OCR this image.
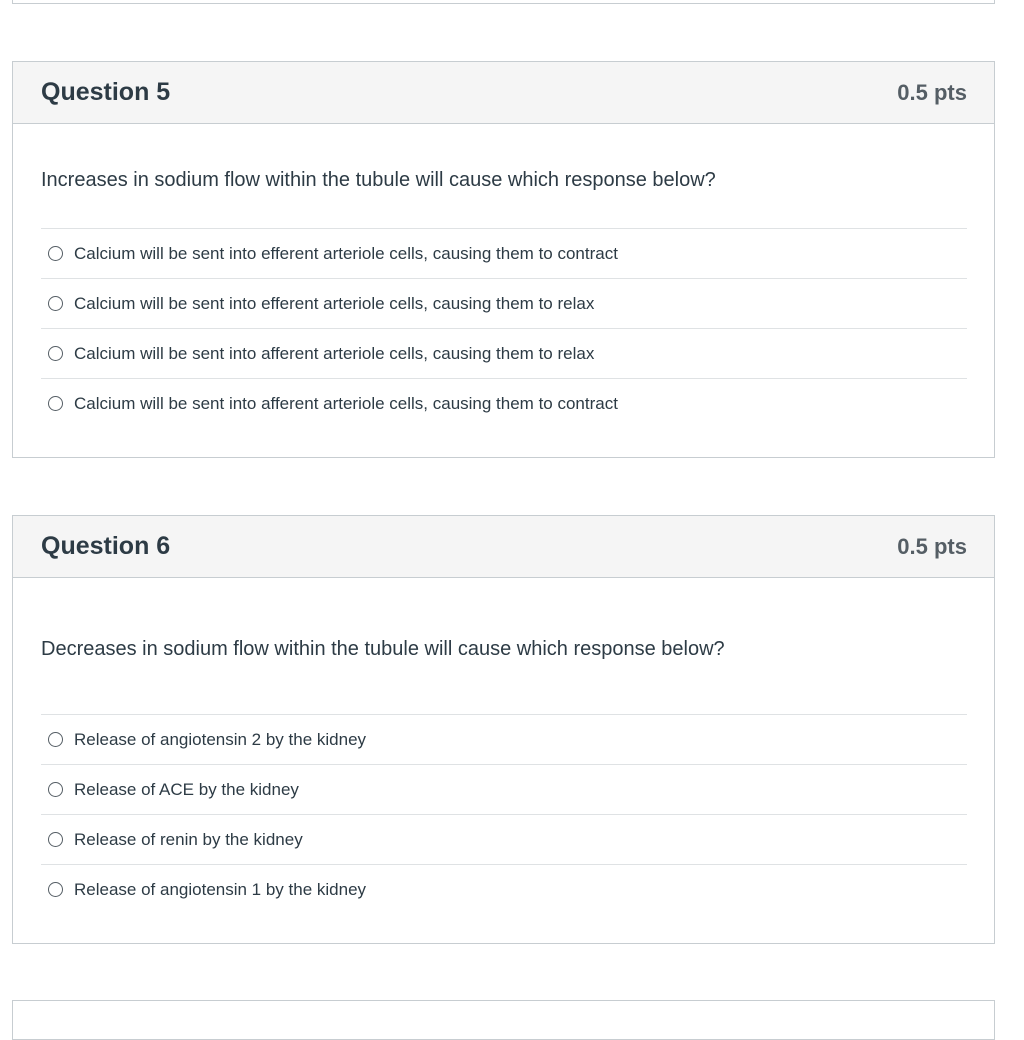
Question 5	0.5 pts
Increases in sodium flow within the tubule will cause which response below?
Calcium will be sent into efferent arteriole cells, causing them to contract
Calcium will be sent into efferent arteriole cells, causing them to relax
Calcium will be sent into afferent arteriole cells, causing them to relax
Calcium will be sent into afferent arteriole cells, causing them to contract
Question 6	0.5 pts
Decreases in sodium flow within the tubule will cause which response below?
Release of angiotensin 2 by the kidney
Release of ACE by the kidney
Release of renin by the kidney
Release of angiotensin 1 by the kidney
